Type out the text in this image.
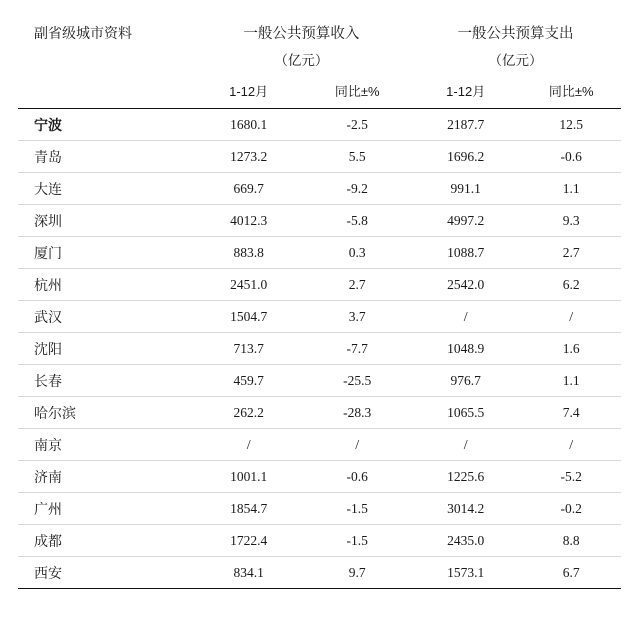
副省级城市资料	一般公共预算收入		一般公共预算支出	
	（亿元）		（亿元）	
	1-12月	同比±%	1-12月	同比±%

宁波	1680.1	-2.5	2187.7	12.5
青岛	1273.2	5.5	1696.2	-0.6
大连	669.7	-9.2	991.1	1.1
深圳	4012.3	-5.8	4997.2	9.3
厦门	883.8	0.3	1088.7	2.7
杭州	2451.0	2.7	2542.0	6.2
武汉	1504.7	3.7	/	/
沈阳	713.7	-7.7	1048.9	1.6
长春	459.7	-25.5	976.7	1.1
哈尔滨	262.2	-28.3	1065.5	7.4
南京	/	/	/	/
济南	1001.1	-0.6	1225.6	-5.2
广州	1854.7	-1.5	3014.2	-0.2
成都	1722.4	-1.5	2435.0	8.8
西安	834.1	9.7	1573.1	6.7
